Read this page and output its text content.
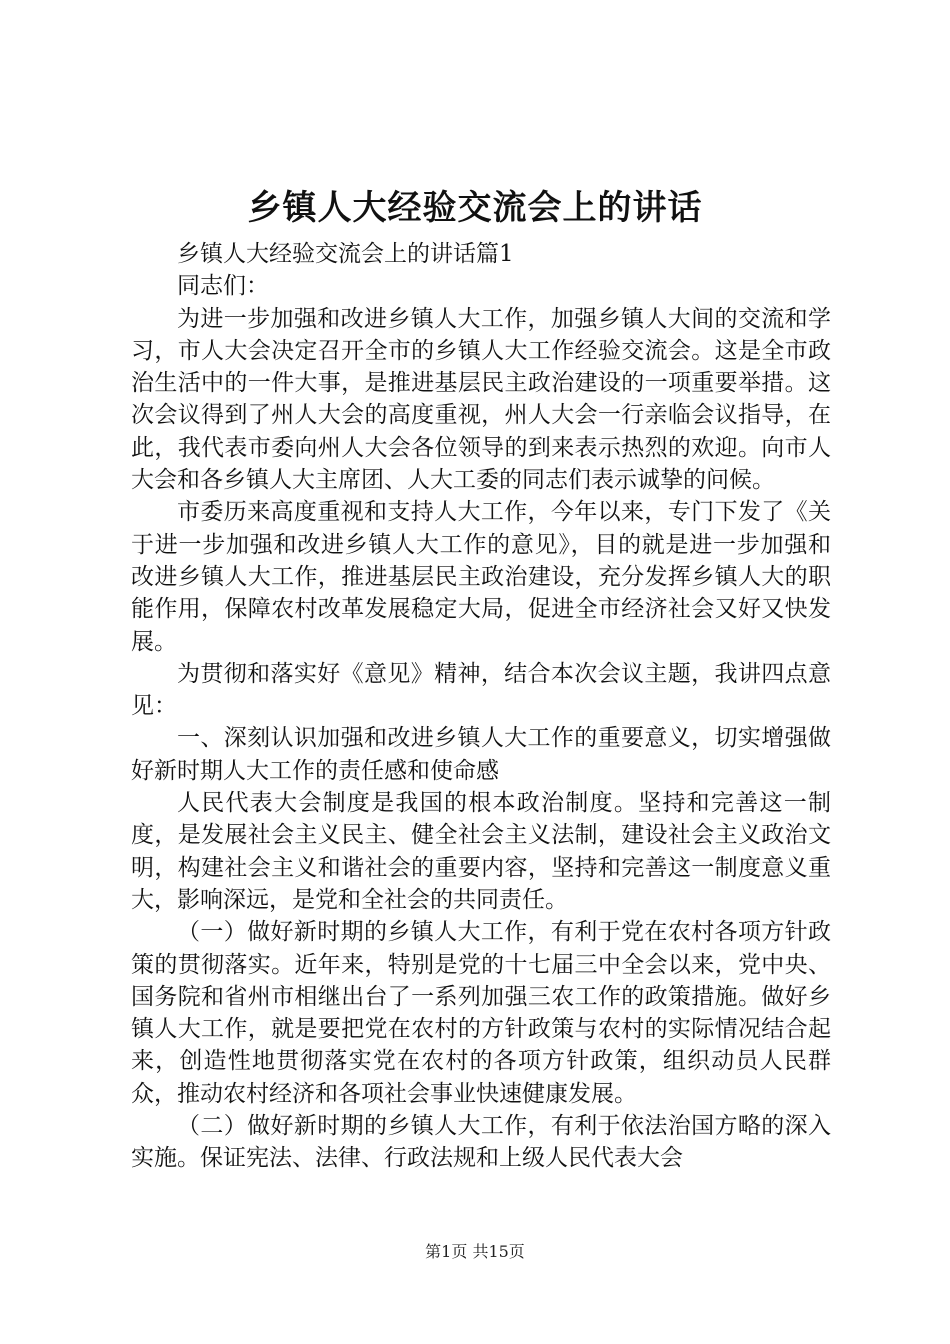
乡镇人大经验交流会上的讲话

乡镇人大经验交流会上的讲话篇1

同志们：

为进一步加强和改进乡镇人大工作，加强乡镇人大间的交流和学习，市人大会决定召开全市的乡镇人大工作经验交流会。这是全市政治生活中的一件大事，是推进基层民主政治建设的一项重要举措。这次会议得到了州人大会的高度重视，州人大会一行亲临会议指导，在此，我代表市委向州人大会各位领导的到来表示热烈的欢迎。向市人大会和各乡镇人大主席团、人大工委的同志们表示诚挚的问候。

市委历来高度重视和支持人大工作，今年以来，专门下发了《关于进一步加强和改进乡镇人大工作的意见》，目的就是进一步加强和改进乡镇人大工作，推进基层民主政治建设，充分发挥乡镇人大的职能作用，保障农村改革发展稳定大局，促进全市经济社会又好又快发展。

为贯彻和落实好《意见》精神，结合本次会议主题，我讲四点意见：

一、深刻认识加强和改进乡镇人大工作的重要意义，切实增强做好新时期人大工作的责任感和使命感

人民代表大会制度是我国的根本政治制度。坚持和完善这一制度，是发展社会主义民主、健全社会主义法制，建设社会主义政治文明，构建社会主义和谐社会的重要内容，坚持和完善这一制度意义重大，影响深远，是党和全社会的共同责任。

（一）做好新时期的乡镇人大工作，有利于党在农村各项方针政策的贯彻落实。近年来，特别是党的十七届三中全会以来，党中央、国务院和省州市相继出台了一系列加强三农工作的政策措施。做好乡镇人大工作，就是要把党在农村的方针政策与农村的实际情况结合起来，创造性地贯彻落实党在农村的各项方针政策，组织动员人民群众，推动农村经济和各项社会事业快速健康发展。

（二）做好新时期的乡镇人大工作，有利于依法治国方略的深入实施。保证宪法、法律、行政法规和上级人民代表大会

第1页 共15页
